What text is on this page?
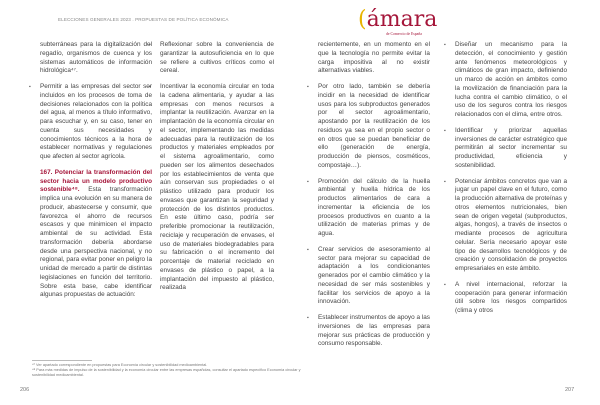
ELECCIONES GENERALES 2023 . PROPUESTAS DE POLÍTICA ECONÓMICA	(ámara
de Comercio de España

subterráneas para la digitalización del regadío, organismos de cuenca y los sistemas automáticos de información hidrológica⁴⁷.

▪ Permitir a las empresas del sector ser incluidos en los procesos de toma de decisiones relacionados con la política del agua, al menos a título informativo, para escuchar y, en su caso, tener en cuenta sus necesidades y conocimientos técnicos a la hora de establecer normativas y regulaciones que afecten al sector agrícola.

167. Potenciar la transformación del sector hacia un modelo productivo sostenible⁴⁸. Esta transformación implica una evolución en su manera de producir, abastecerse y consumir, que favorezca el ahorro de recursos escasos y que minimicen el impacto ambiental de su actividad. Esta transformación debería abordarse desde una perspectiva nacional, y no regional, para evitar poner en peligro la unidad de mercado a partir de distintas legislaciones en función del territorio. Sobre esta base, cabe identificar algunas propuestas de actuación:

▪ Reflexionar sobre la conveniencia de garantizar la autosuficiencia en lo que se refiere a cultivos críticos como el cereal.

▪ Incentivar la economía circular en toda la cadena alimentaria, y ayudar a las empresas con menos recursos a implantar la reutilización. Avanzar en la implantación de la economía circular en el sector, implementando las medidas adecuadas para la reutilización de los productos y materiales empleados por el sistema agroalimentario, como pueden ser los alimentos desechados por los establecimientos de venta que aún conservan sus propiedades o el plástico utilizado para producir los envases que garantizan la seguridad y protección de los distintos productos. En este último caso, podría ser preferible promocionar la reutilización, reciclaje y recuperación de envases, el uso de materiales biodegradables para su fabricación o el incremento del porcentaje de material reciclado en envases de plástico o papel, a la implantación del impuesto al plástico, realizada

recientemente, en un momento en el que la tecnología no permite evitar la carga impositiva al no existir alternativas viables.

▪ Por otro lado, también se debería incidir en la necesidad de identificar usos para los subproductos generados por el sector agroalimentario, apostando por la reutilización de los residuos ya sea en el propio sector o en otros que se puedan beneficiar de ello (generación de energía, producción de piensos, cosméticos, compostaje…).

▪ Promoción del cálculo de la huella ambiental y huella hídrica de los productos alimentarios de cara a incrementar la eficiencia de los procesos productivos en cuanto a la utilización de materias primas y de agua.

▪ Crear servicios de asesoramiento al sector para mejorar su capacidad de adaptación a los condicionantes generados por el cambio climático y la necesidad de ser más sostenibles y facilitar los servicios de apoyo a la innovación.

▪ Establecer instrumentos de apoyo a las inversiones de las empresas para mejorar sus prácticas de producción y consumo responsable.

▪ Diseñar un mecanismo para la detección, el conocimiento y gestión ante fenómenos meteorológicos y climáticos de gran impacto, definiendo un marco de acción en ámbitos como la movilización de financiación para la lucha contra el cambio climático, o el uso de los seguros contra los riesgos relacionados con el clima, entre otros.

▪ Identificar y priorizar aquellas inversiones de carácter estratégico que permitirán al sector incrementar su productividad, eficiencia y sostenibilidad.

▪ Potenciar ámbitos concretos que van a jugar un papel clave en el futuro, como la producción alternativa de proteínas y otros elementos nutricionales, bien sean de origen vegetal (subproductos, algas, hongos), a través de insectos o mediante procesos de agricultura celular. Sería necesario apoyar este tipo de desarrollos tecnológicos y de creación y consolidación de proyectos empresariales en este ámbito.

▪ A nivel internacional, reforzar la cooperación para generar información útil sobre los riesgos compartidos (clima y otros

⁴⁷ Ver apartado correspondiente en propuestas para Economía circular y sostenibilidad medioambiental.
⁴⁸ Para más medidas de impulso de la sostenibilidad y la economía circular entre las empresas españolas, consultar el apartado específico Economía circular y sostenibilidad medioambiental.
206	207
